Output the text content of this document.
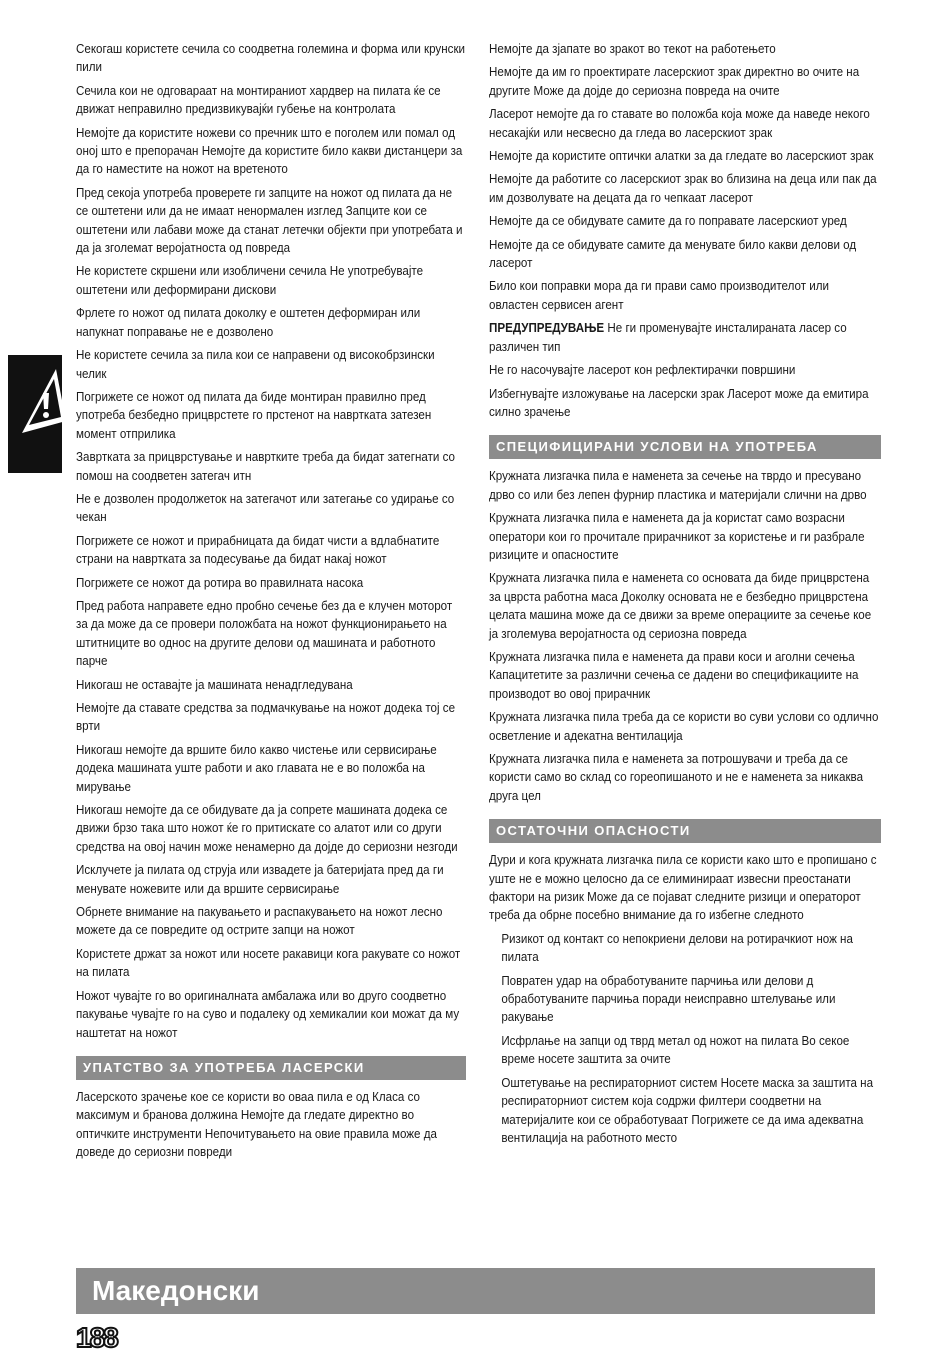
Секогаш користете сечила со соодветна големина и форма или крунски пили

Сечила кои не одговараат на монтираниот хардвер на пилата ќе се движат неправилно предизвикувајќи губење на контролата

Немојте да користите ножеви со пречник што е поголем или помал од оној што е препорачан Немојте да користите било какви дистанцери за да го наместите на ножот на вретеното

Пред секоја употреба проверете ги запците на ножот од пилата да не се оштетени или да не имаат ненормален изглед Запците кои се оштетени или лабави може да станат летечки објекти при употребата и да ја зголемат веројатноста од повреда

Не користете скршени или изобличени сечила Не употребувајте оштетени или деформирани дискови

Фрлете го ножот од пилата доколку е оштетен деформиран или напукнат поправање не е дозволено

Не користете сечила за пила кои се направени од високобрзински челик

Погрижете се ножот од пилата да биде монтиран правилно пред употреба безбедно прицврстете го прстенот на навртката затезен момент отприлика

Завртката за прицврстување и навртките треба да бидат затегнати со помош на соодветен затегач итн

Не е дозволен продолжеток на затегачот или затегање со удирање со чекан

Погрижете се ножот и прирабницата да бидат чисти а вдлабнатите страни на навртката за подесување да бидат накај ножот

Погрижете се ножот да ротира во правилната насока

Пред работа направете едно пробно сечење без да е клучен моторот за да може да се провери положбата на ножот функционирањето на штитниците во однос на другите делови од машината и работното парче

Никогаш не оставајте ја машината ненадгледувана

Немојте да ставате средства за подмачкување на ножот додека тој се врти

Никогаш немојте да вршите било какво чистење или сервисирање додека машината уште работи и ако главата не е во положба на мирување

Никогаш немојте да се обидувате да ја сопрете машината додека се движи брзо така што ножот ќе го притискате со алатот или со други средства на овој начин може ненамерно да дојде до сериозни незгоди

Исклучете ја пилата од струја или извадете ја батеријата пред да ги менувате ножевите или да вршите сервисирање

Обрнете внимание на пакувањето и распакувањето на ножот лесно можете да се повредите од острите запци на ножот

Користете држат за ножот или носете ракавици кога ракувате со ножот на пилата

Ножот чувајте го во оригиналната амбалажа или во друго соодветно пакување чувајте го на суво и подалеку од хемикалии кои можат да му наштетат на ножот

УПАТСТВО ЗА УПОТРЕБА ЛАСЕРСКИ

Ласерското зрачење кое се користи во оваа пила е од Класа со максимум и бранова должина Немојте да гледате директно во оптичките инструменти Непочитувањето на овие правила може да доведе до сериозни повреди

Немојте да зјапате во зракот во текот на работењето

Немојте да им го проектирате ласерскиот зрак директно во очите на другите Може да дојде до сериозна повреда на очите

Ласерот немојте да го ставате во положба која може да наведе некого несакајќи или несвесно да гледа во ласерскиот зрак

Немојте да користите оптички алатки за да гледате во ласерскиот зрак

Немојте да работите со ласерскиот зрак во близина на деца или пак да им дозволувате на децата да го чепкаат ласерот

Немојте да се обидувате самите да го поправате ласерскиот уред

Немојте да се обидувате самите да менувате било какви делови од ласерот

Било кои поправки мора да ги прави само производителот или овластен сервисен агент

ПРЕДУПРЕДУВАЊЕ Не ги променувајте инсталираната ласер со различен тип

Не го насочувајте ласерот кон рефлектирачки површини

Избегнувајте изложување на ласерски зрак Ласерот може да емитира силно зрачење

СПЕЦИФИЦИРАНИ УСЛОВИ НА УПОТРЕБА

Кружната лизгачка пила е наменета за сечење на тврдо и пресувано дрво со или без лепен фурнир пластика и материјали слични на дрво

Кружната лизгачка пила е наменета да ја користат само возрасни оператори кои го прочитале прирачникот за користење и ги разбрале ризиците и опасностите

Кружната лизгачка пила е наменета со основата да биде прицврстена за цврста работна маса Доколку основата не е безбедно прицврстена целата машина може да се движи за време операциите за сечење кое ја зголемува веројатноста од сериозна повреда

Кружната лизгачка пила е наменета да прави коси и аголни сечења Капацитетите за различни сечења се дадени во спецификациите на производот во овој прирачник

Кружната лизгачка пила треба да се користи во суви услови со одлично осветление и адекатна вентилација

Кружната лизгачка пила е наменета за потрошувачи и треба да се користи само во склад со гореопишаното и не е наменета за никаква друга цел

ОСТАТОЧНИ ОПАСНОСТИ

Дури и кога кружната лизгачка пила се користи како што е пропишано с уште не е можно целосно да се елиминираат извесни преостанати фактори на ризик Може да се појават следните ризици и операторот треба да обрне посебно внимание да го избегне следното

Ризикот од контакт со непокриени делови на ротирачкиот нож на пилата

Повратен удар на обработуваните парчиња или делови д обработуваните парчиња поради неисправно штелување или ракување

Исфрлање на запци од тврд метал од ножот на пилата Во секое време носете заштита за очите

Оштетување на респираторниот систем Носете маска за заштита на респираторниот систем која содржи филтери соодветни на материјалите кои се обработуваат Погрижете се да има адекватна вентилација на работното место

Македонски
188
